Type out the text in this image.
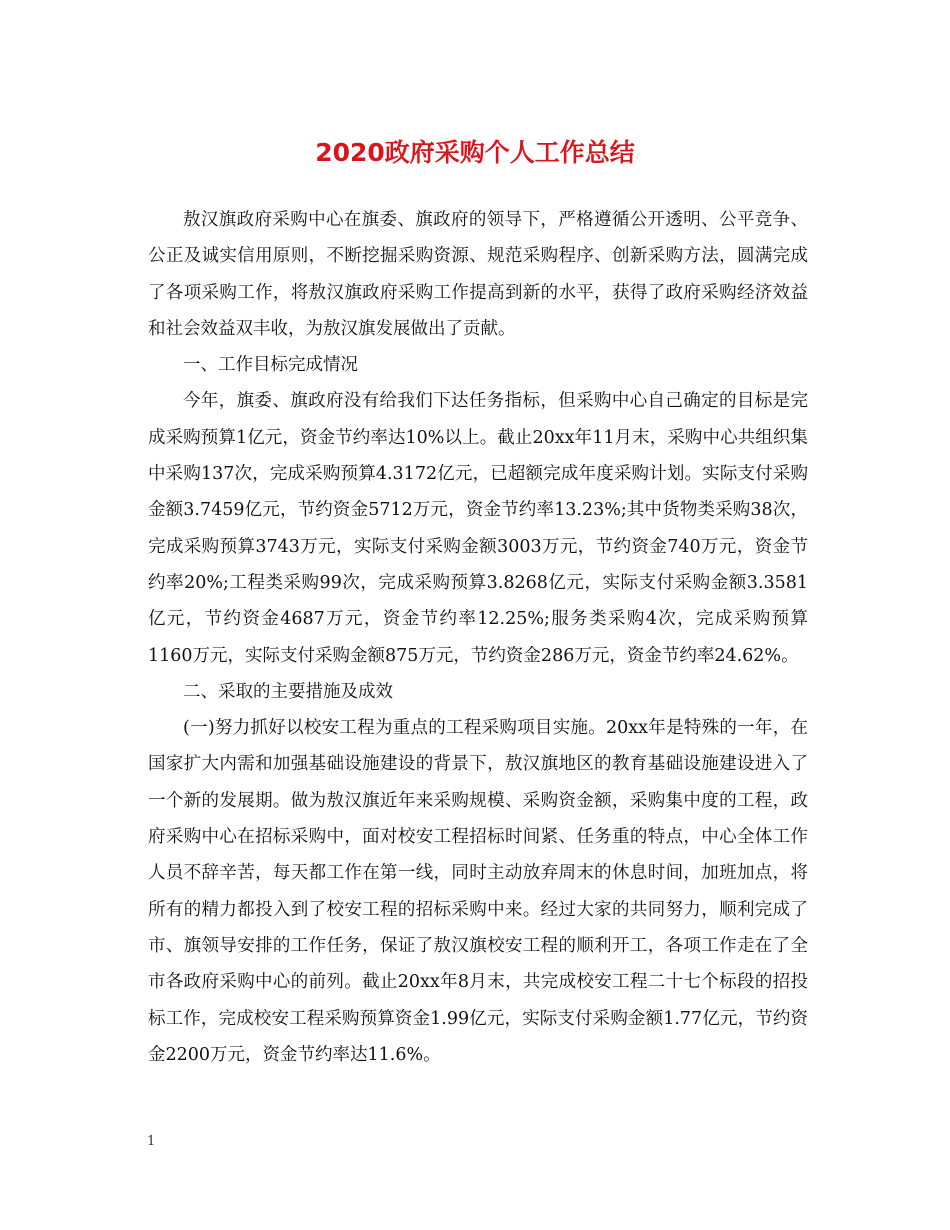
2020政府采购个人工作总结

敖汉旗政府采购中心在旗委、旗政府的领导下，严格遵循公开透明、公平竞争、公正及诚实信用原则，不断挖掘采购资源、规范采购程序、创新采购方法，圆满完成了各项采购工作，将敖汉旗政府采购工作提高到新的水平，获得了政府采购经济效益和社会效益双丰收，为敖汉旗发展做出了贡献。

一、工作目标完成情况

今年，旗委、旗政府没有给我们下达任务指标，但采购中心自己确定的目标是完成采购预算1亿元，资金节约率达10%以上。截止20xx年11月末，采购中心共组织集中采购137次，完成采购预算4.3172亿元，已超额完成年度采购计划。实际支付采购金额3.7459亿元，节约资金5712万元，资金节约率13.23%;其中货物类采购38次，完成采购预算3743万元，实际支付采购金额3003万元，节约资金740万元，资金节约率20%;工程类采购99次，完成采购预算3.8268亿元，实际支付采购金额3.3581亿元，节约资金4687万元，资金节约率12.25%;服务类采购4次，完成采购预算1160万元，实际支付采购金额875万元，节约资金286万元，资金节约率24.62%。

二、采取的主要措施及成效

(一)努力抓好以校安工程为重点的工程采购项目实施。20xx年是特殊的一年，在国家扩大内需和加强基础设施建设的背景下，敖汉旗地区的教育基础设施建设进入了一个新的发展期。做为敖汉旗近年来采购规模、采购资金额，采购集中度的工程，政府采购中心在招标采购中，面对校安工程招标时间紧、任务重的特点，中心全体工作人员不辞辛苦，每天都工作在第一线，同时主动放弃周末的休息时间，加班加点，将所有的精力都投入到了校安工程的招标采购中来。经过大家的共同努力，顺利完成了市、旗领导安排的工作任务，保证了敖汉旗校安工程的顺利开工，各项工作走在了全市各政府采购中心的前列。截止20xx年8月末，共完成校安工程二十七个标段的招投标工作，完成校安工程采购预算资金1.99亿元，实际支付采购金额1.77亿元，节约资金2200万元，资金节约率达11.6%。

1
